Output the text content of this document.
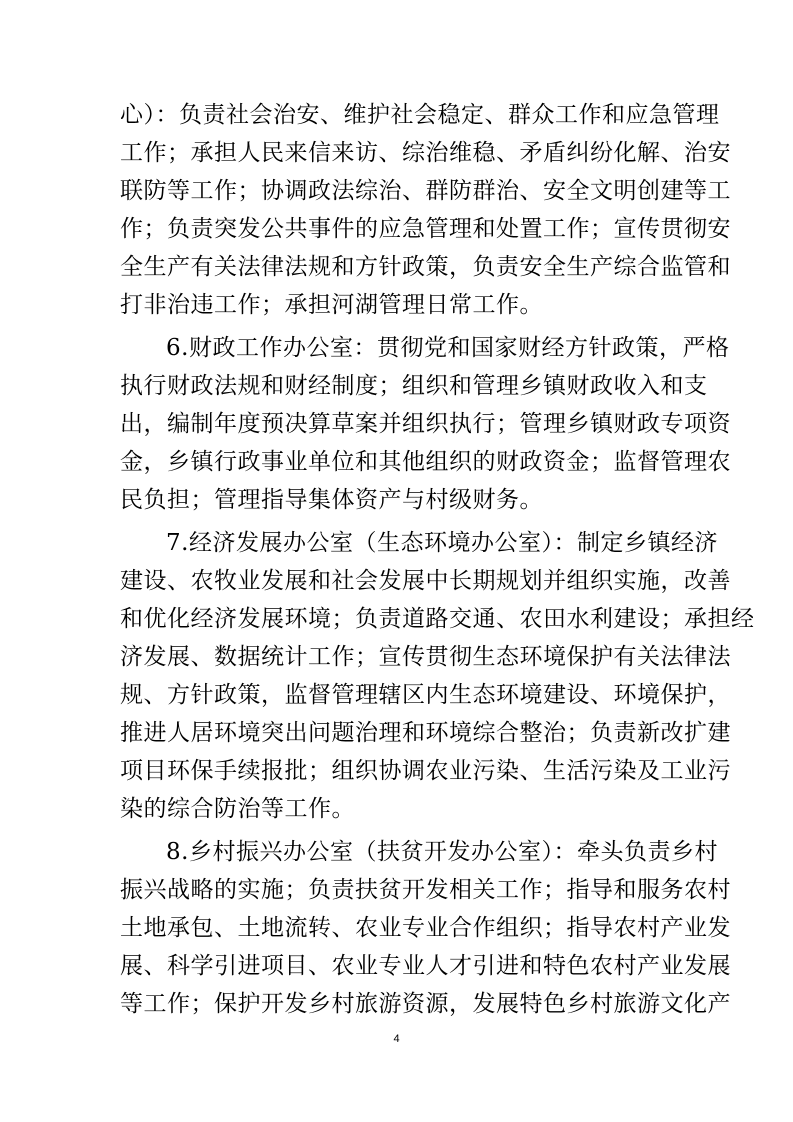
心）：负责社会治安、维护社会稳定、群众工作和应急管理
工作；承担人民来信来访、综治维稳、矛盾纠纷化解、治安
联防等工作；协调政法综治、群防群治、安全文明创建等工
作；负责突发公共事件的应急管理和处置工作；宣传贯彻安
全生产有关法律法规和方针政策，负责安全生产综合监管和
打非治违工作；承担河湖管理日常工作。
6.财政工作办公室：贯彻党和国家财经方针政策，严格
执行财政法规和财经制度；组织和管理乡镇财政收入和支
出，编制年度预决算草案并组织执行；管理乡镇财政专项资
金，乡镇行政事业单位和其他组织的财政资金；监督管理农
民负担；管理指导集体资产与村级财务。
7.经济发展办公室（生态环境办公室）：制定乡镇经济
建设、农牧业发展和社会发展中长期规划并组织实施，改善
和优化经济发展环境；负责道路交通、农田水利建设；承担经
济发展、数据统计工作；宣传贯彻生态环境保护有关法律法
规、方针政策，监督管理辖区内生态环境建设、环境保护，
推进人居环境突出问题治理和环境综合整治；负责新改扩建
项目环保手续报批；组织协调农业污染、生活污染及工业污
染的综合防治等工作。
8.乡村振兴办公室（扶贫开发办公室）：牵头负责乡村
振兴战略的实施；负责扶贫开发相关工作；指导和服务农村
土地承包、土地流转、农业专业合作组织；指导农村产业发
展、科学引进项目、农业专业人才引进和特色农村产业发展
等工作；保护开发乡村旅游资源，发展特色乡村旅游文化产
4
